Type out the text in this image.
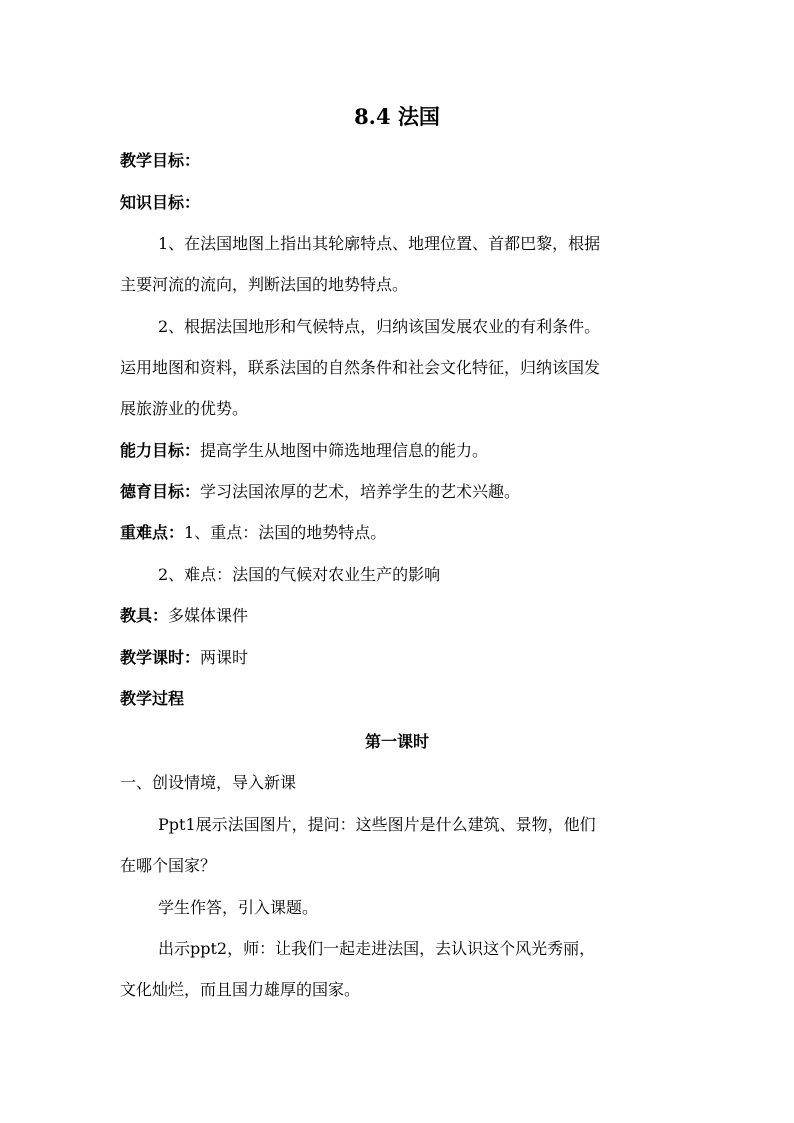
8.4 法国
教学目标：
知识目标：
1、在法国地图上指出其轮廓特点、地理位置、首都巴黎，根据
主要河流的流向，判断法国的地势特点。
2、根据法国地形和气候特点，归纳该国发展农业的有利条件。
运用地图和资料，联系法国的自然条件和社会文化特征，归纳该国发
展旅游业的优势。
能力目标：提高学生从地图中筛选地理信息的能力。
德育目标：学习法国浓厚的艺术，培养学生的艺术兴趣。
重难点：1、重点：法国的地势特点。
2、难点：法国的气候对农业生产的影响
教具：多媒体课件
教学课时：两课时
教学过程
第一课时
一、创设情境，导入新课
Ppt1展示法国图片，提问：这些图片是什么建筑、景物，他们
在哪个国家？
学生作答，引入课题。
出示ppt2，师：让我们一起走进法国，去认识这个风光秀丽，
文化灿烂，而且国力雄厚的国家。
